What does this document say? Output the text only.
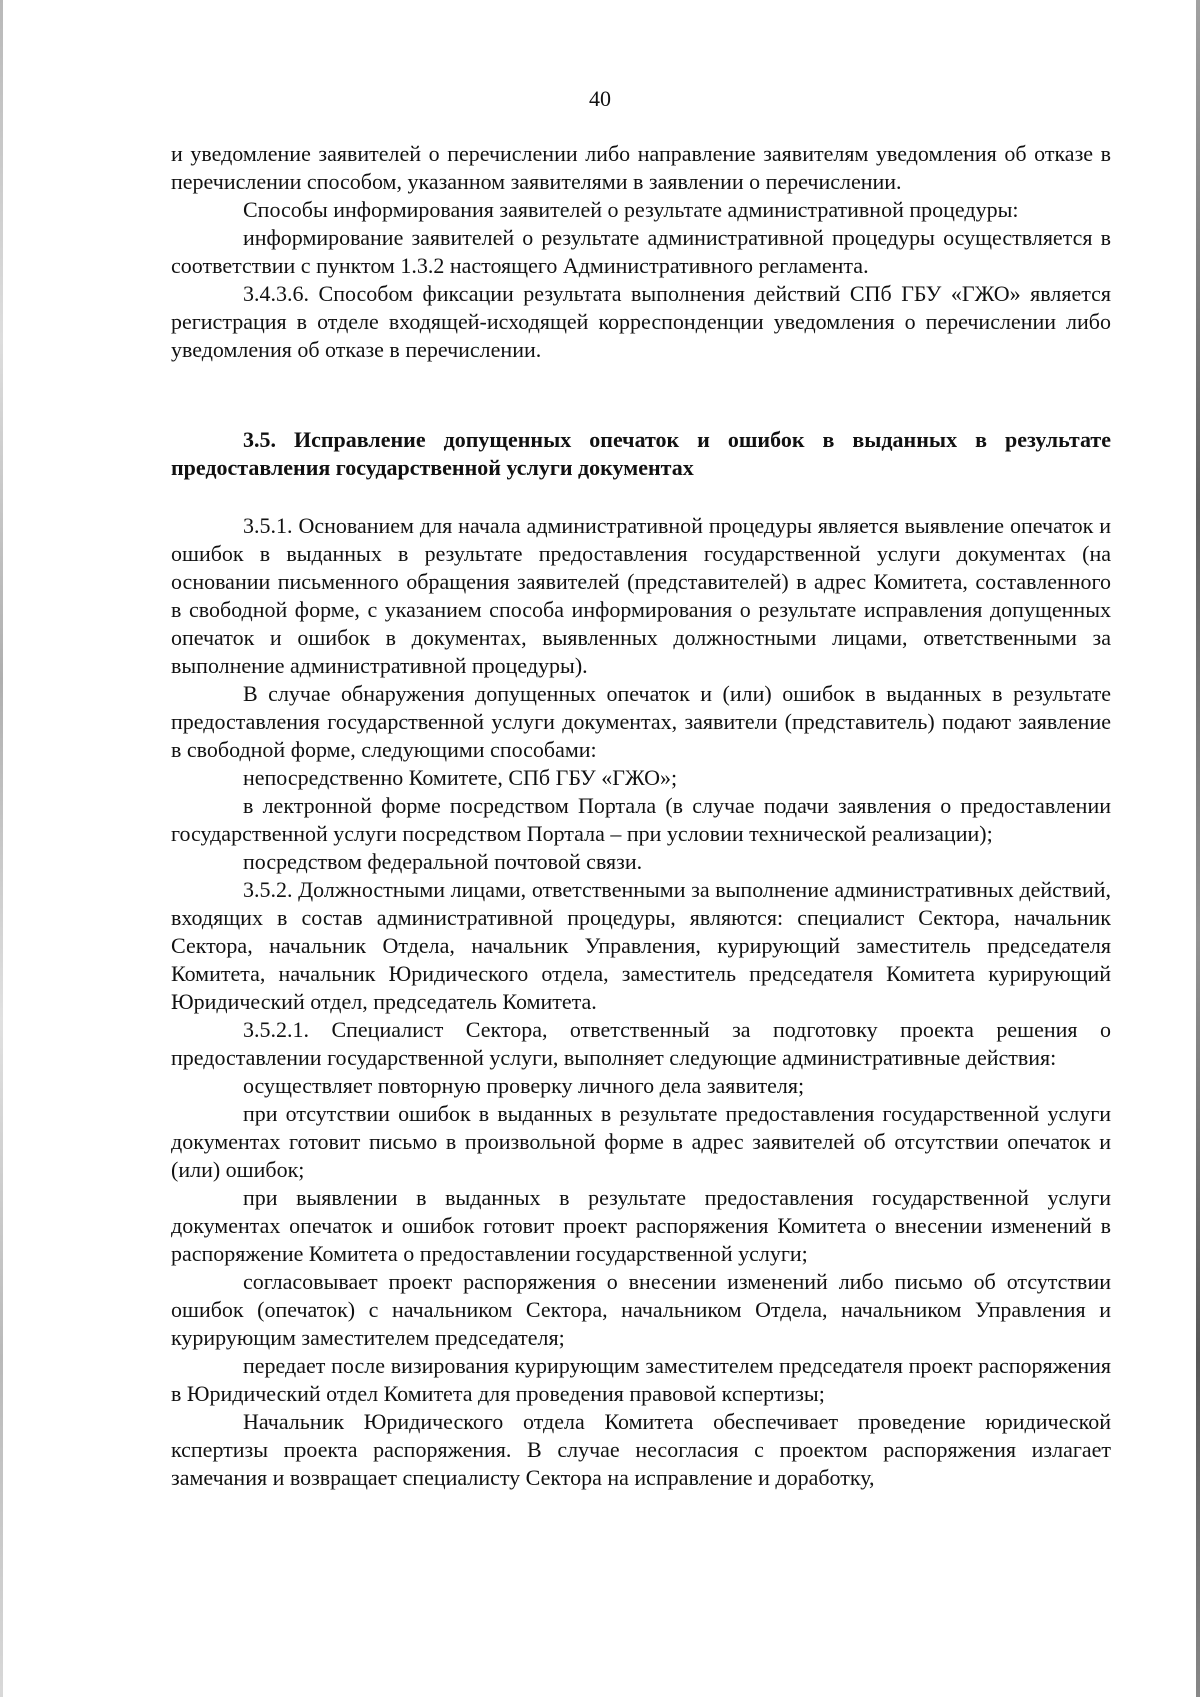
40

и уведомление заявителей о перечислении либо направление заявителям уведомления об отказе в перечислении способом, указанном заявителями в заявлении о перечислении.

Способы информирования заявителей о результате административной процедуры:

информирование заявителей о результате административной процедуры осуществляется в соответствии с пунктом 1.3.2 настоящего Административного регламента.

3.4.3.6. Способом фиксации результата выполнения действий СПб ГБУ «ГЖО» является регистрация в отделе входящей-исходящей корреспонденции уведомления о перечислении либо уведомления об отказе в перечислении.

3.5. Исправление допущенных опечаток и ошибок в выданных в результате предоставления государственной услуги документах

3.5.1. Основанием для начала административной процедуры является выявление опечаток и ошибок в выданных в результате предоставления государственной услуги документах (на основании письменного обращения заявителей (представителей) в адрес Комитета, составленного в свободной форме, с указанием способа информирования о результате исправления допущенных опечаток и ошибок в документах, выявленных должностными лицами, ответственными за выполнение административной процедуры).

В случае обнаружения допущенных опечаток и (или) ошибок в выданных в результате предоставления государственной услуги документах, заявители (представитель) подают заявление в свободной форме, следующими способами:

непосредственно Комитете, СПб ГБУ «ГЖО»;

в лектронной форме посредством Портала (в случае подачи заявления о предоставлении государственной услуги посредством Портала – при условии технической реализации);

посредством федеральной почтовой связи.

3.5.2. Должностными лицами, ответственными за выполнение административных действий, входящих в состав административной процедуры, являются: специалист Сектора, начальник Сектора, начальник Отдела, начальник Управления, курирующий заместитель председателя Комитета, начальник Юридического отдела, заместитель председателя Комитета курирующий Юридический отдел, председатель Комитета.

3.5.2.1. Специалист Сектора, ответственный за подготовку проекта решения о предоставлении государственной услуги, выполняет следующие административные действия:

осуществляет повторную проверку личного дела заявителя;

при отсутствии ошибок в выданных в результате предоставления государственной услуги документах готовит письмо в произвольной форме в адрес заявителей об отсутствии опечаток и (или) ошибок;

при выявлении в выданных в результате предоставления государственной услуги документах опечаток и ошибок готовит проект распоряжения Комитета о внесении изменений в распоряжение Комитета о предоставлении государственной услуги;

согласовывает проект распоряжения о внесении изменений либо письмо об отсутствии ошибок (опечаток) с начальником Сектора, начальником Отдела, начальником Управления и курирующим заместителем председателя;

передает после визирования курирующим заместителем председателя проект распоряжения в Юридический отдел Комитета для проведения правовой кспертизы;

Начальник Юридического отдела Комитета обеспечивает проведение юридической кспертизы проекта распоряжения. В случае несогласия с проектом распоряжения излагает замечания и возвращает специалисту Сектора на исправление и доработку,
